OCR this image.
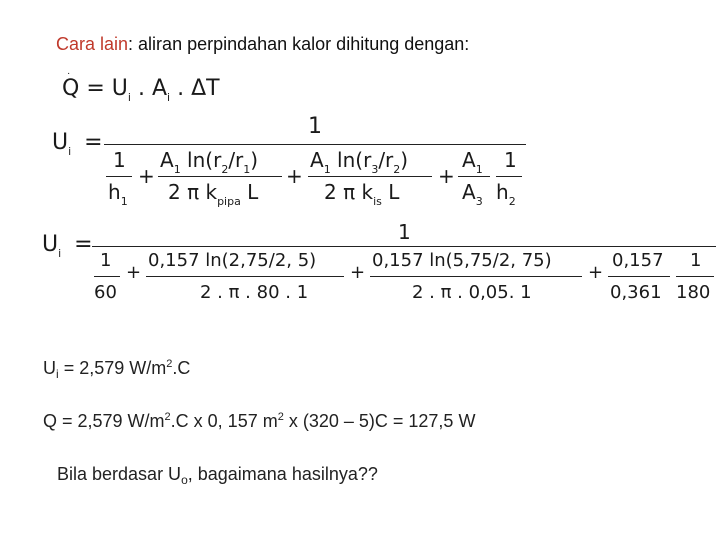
Cara lain: aliran perpindahan kalor dihitung dengan:
·
$Q = U_i$ . $A_i$ . ΔT
$U_i$ =
1
1
$h_1$
+
$A_1$ $\ln(r_2/r_1)$
2 π $k_{pipa}$ L
+
$A_1$ $\ln(r_3/r_2)$
2 π $k_{is}$ L
+
$A_1$
$A_3$
1
$h_2$
$U_i$ =	1
1
60
+
0,157 ln(2,75/2, 5)
2 . π . 80 . 1
+
0,157 ln(5,75/2, 75)
2 . π . 0,05. 1
+
0,157
0,361
1
180
$U_i = 2,579$ $W/m^2.C$
Q = 2,579 $W/m^2.C$ x 0, 157 $m^2$ x (320 – 5)C = 127,5 W
Bila berdasar $U_o$, bagaimana hasilnya??
